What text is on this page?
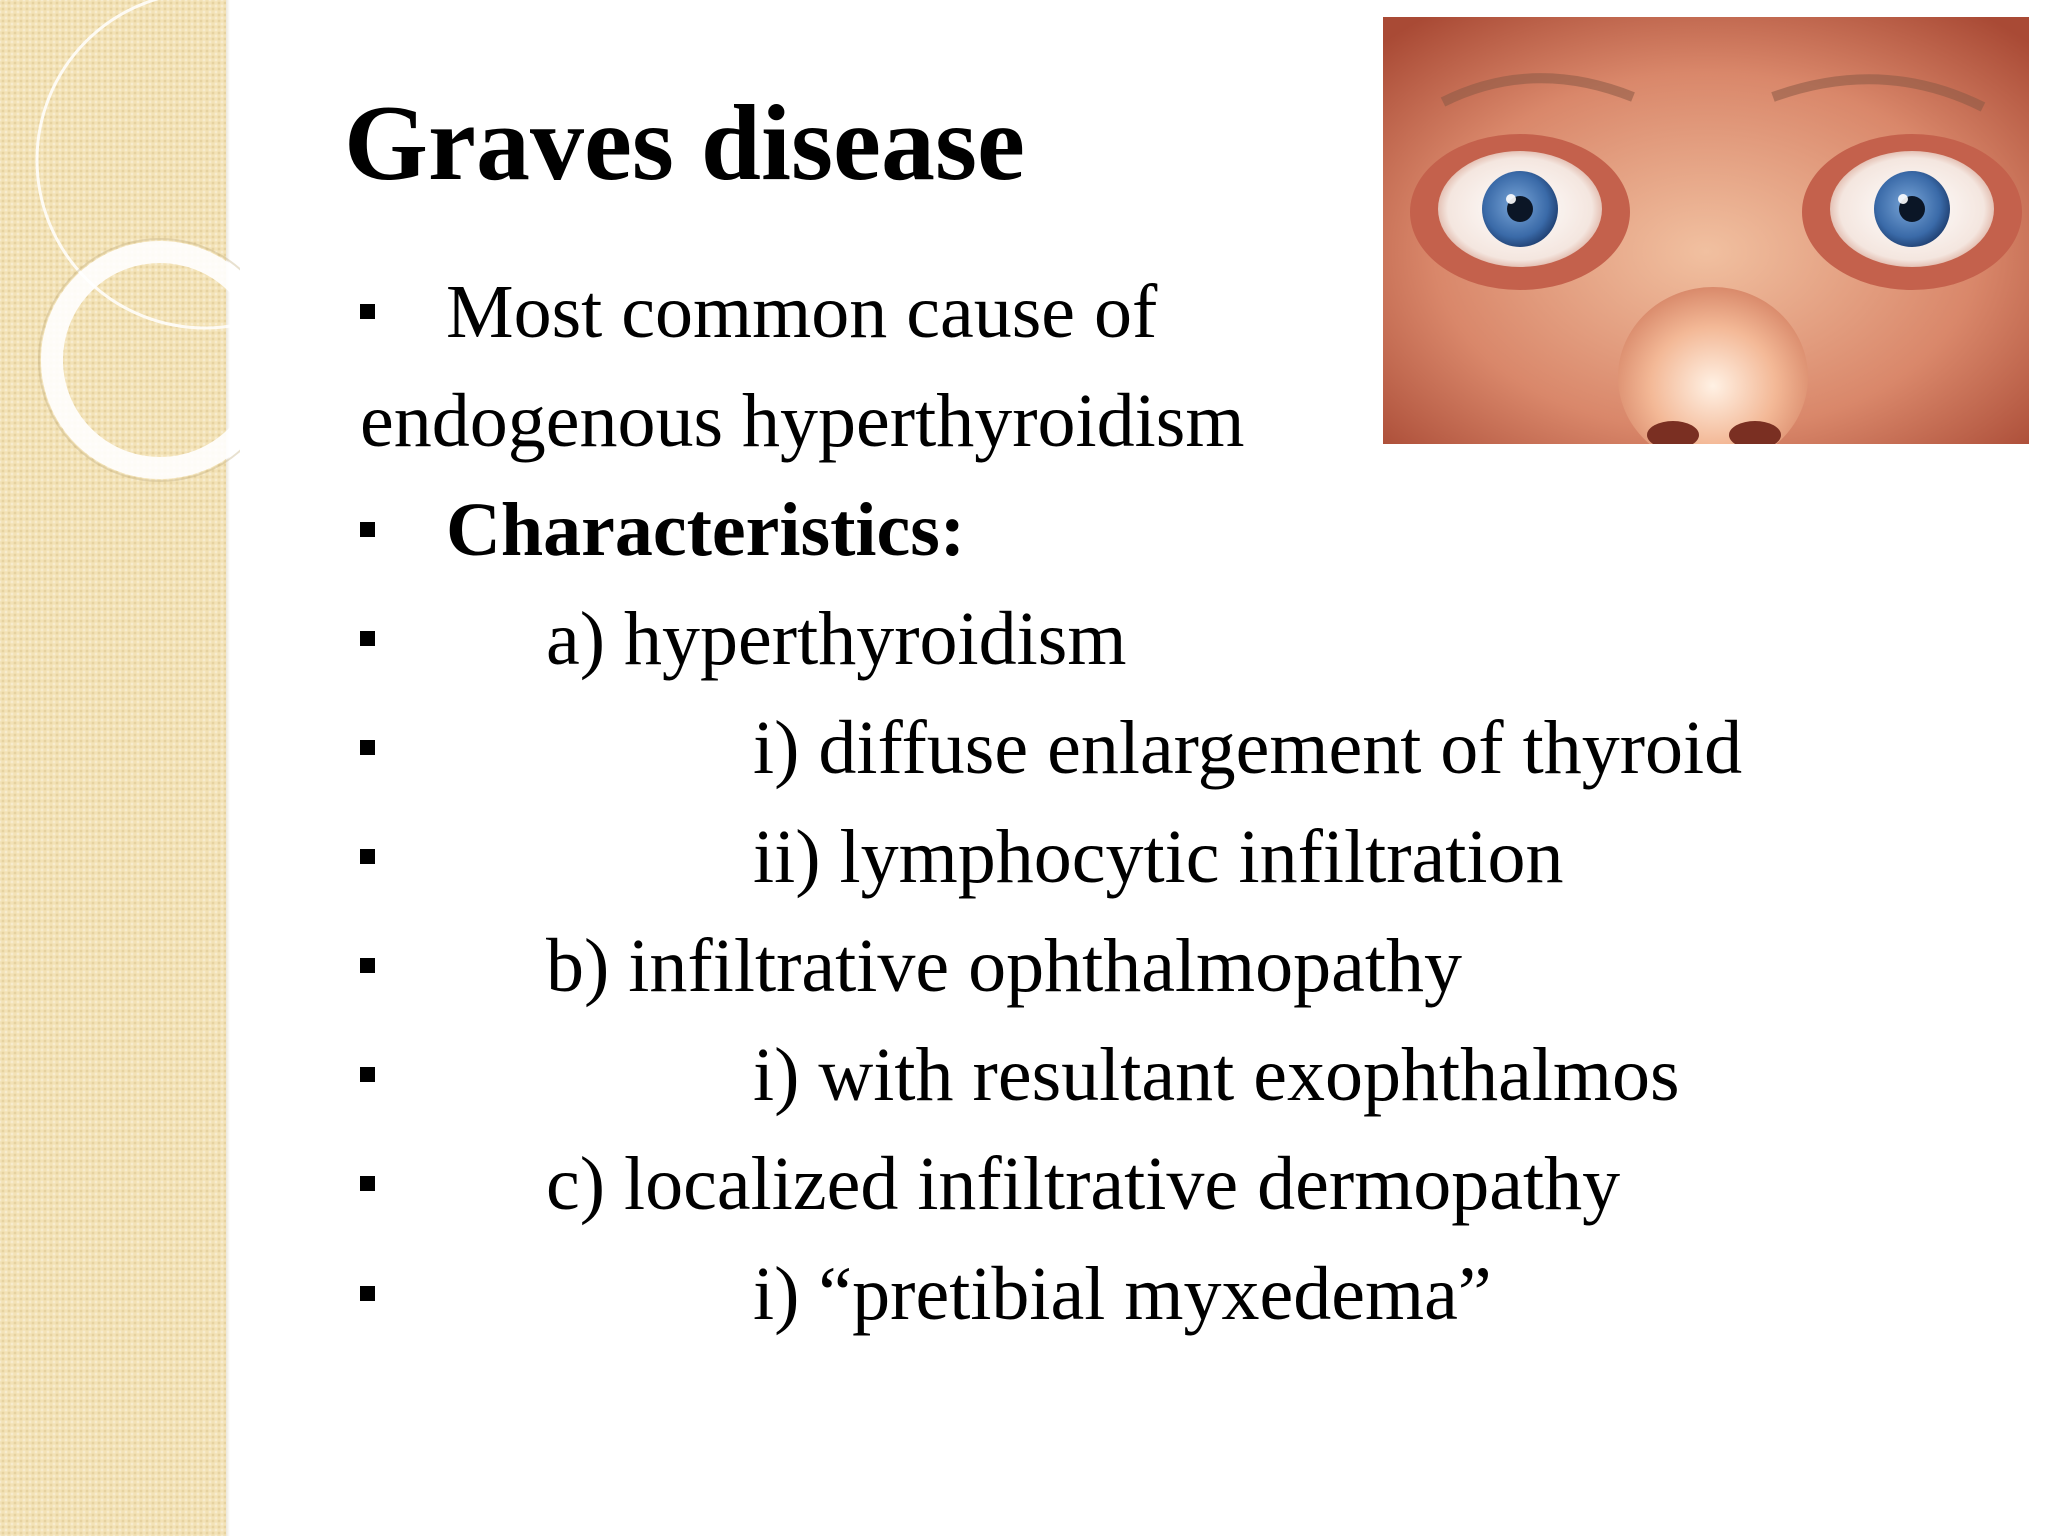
Graves disease
Most common cause of
endogenous hyperthyroidism
Characteristics:
a) hyperthyroidism
i) diffuse enlargement of thyroid
ii) lymphocytic infiltration
b) infiltrative ophthalmopathy
i) with resultant exophthalmos
c) localized infiltrative dermopathy
i) “pretibial myxedema”
